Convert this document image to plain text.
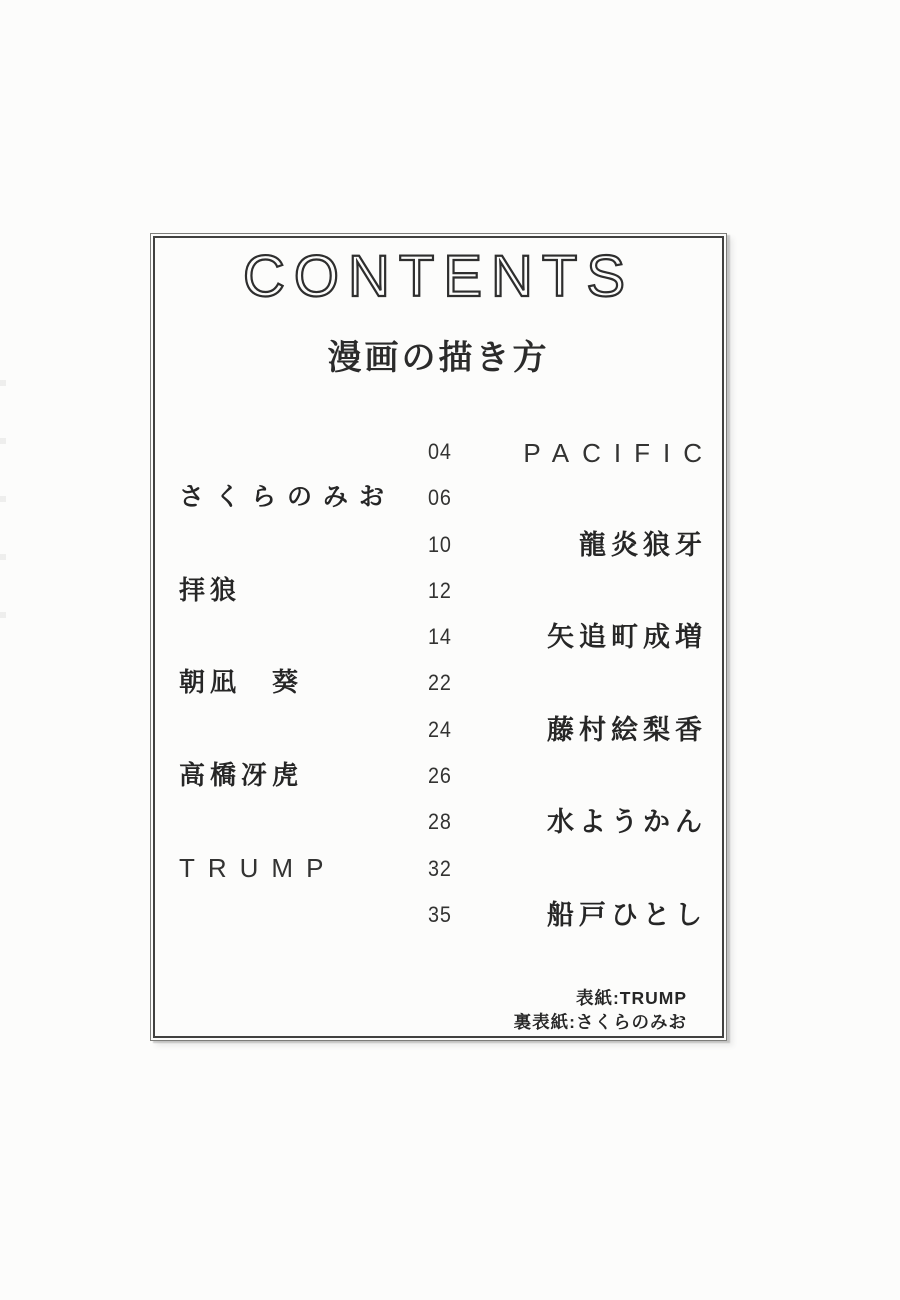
CONTENTS
漫画の描き方
04	PACIFIC
さくらのみお 06
10	龍炎狼牙
拝狼	12
14	矢追町成増
朝凪　葵	22
24	藤村絵梨香
高橋冴虎	26
28	水ようかん
TRUMP	32
35	船戸ひとし
表紙:TRUMP
裏表紙:さくらのみお
